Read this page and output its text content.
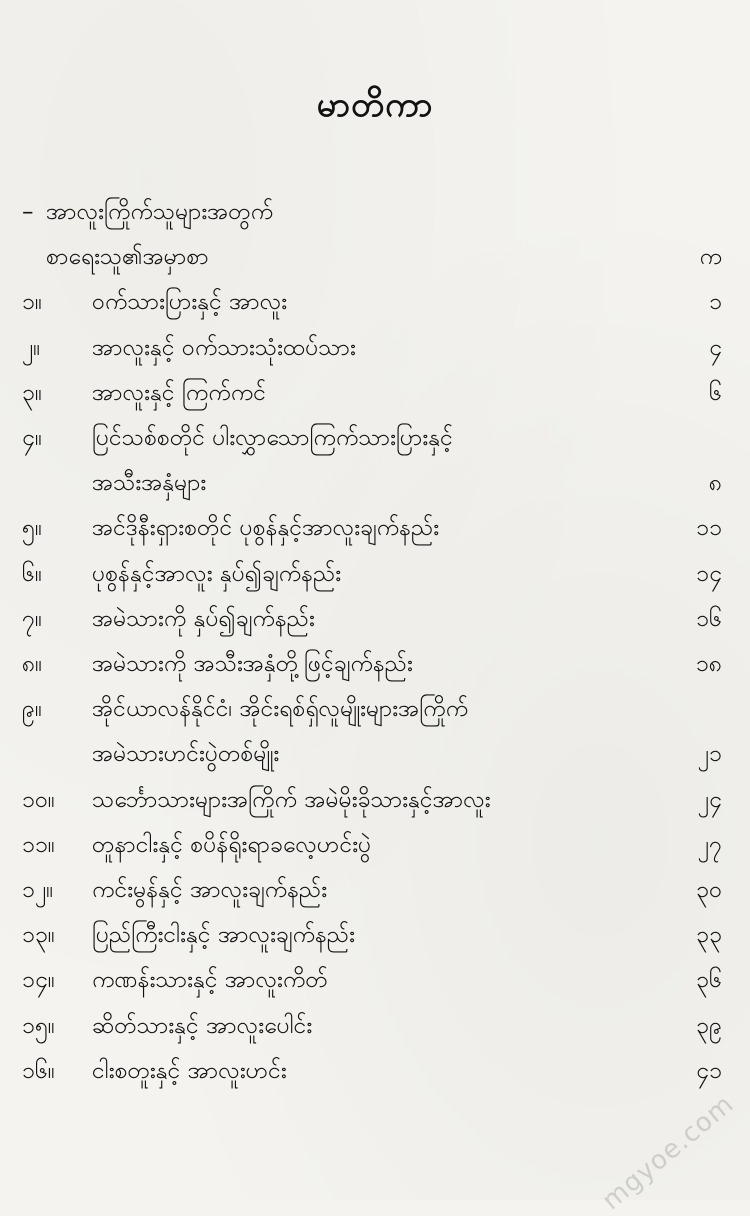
မာတိကာ
– အာလူးကြိုက်သူများအတွက်
စာရေးသူ၏အမှာစာ	က
၁။	ဝက်သားပြားနှင့် အာလူး	၁
၂။	အာလူးနှင့် ဝက်သားသုံးထပ်သား	၄
၃။	အာလူးနှင့် ကြက်ကင်	၆
၄။	ပြင်သစ်စတိုင် ပါးလွှာသောကြက်သားပြားနှင့်
အသီးအနှံများ	၈
၅။	အင်ဒိုနီးရှားစတိုင် ပုစွန်နှင့်အာလူးချက်နည်း	၁၁
၆။	ပုစွန်နှင့်အာလူး နှပ်၍ချက်နည်း	၁၄
၇။	အမဲသားကို နှပ်၍ချက်နည်း	၁၆
၈။	အမဲသားကို အသီးအနှံတို့ဖြင့်ချက်နည်း	၁၈
၉။	အိုင်ယာလန်နိုင်ငံ၊ အိုင်းရစ်ရှ်လူမျိုးများအကြိုက်
အမဲသားဟင်းပွဲတစ်မျိုး	၂၁
၁၀။	သင်္ဘောသားများအကြိုက် အမဲမိုးခိုသားနှင့်အာလူး	၂၄
၁၁။	တူနာငါးနှင့် စပိန်ရိုးရာခလေ့ဟင်းပွဲ	၂၇
၁၂။	ကင်းမွန်နှင့် အာလူးချက်နည်း	၃၀
၁၃။	ပြည်ကြီးငါးနှင့် အာလူးချက်နည်း	၃၃
၁၄။	ကဏန်းသားနှင့် အာလူးကိတ်	၃၆
၁၅။	ဆိတ်သားနှင့် အာလူးပေါင်း	၃၉
၁၆။	ငါးစတူးနှင့် အာလူးဟင်း	၄၁
mgyoe.com
